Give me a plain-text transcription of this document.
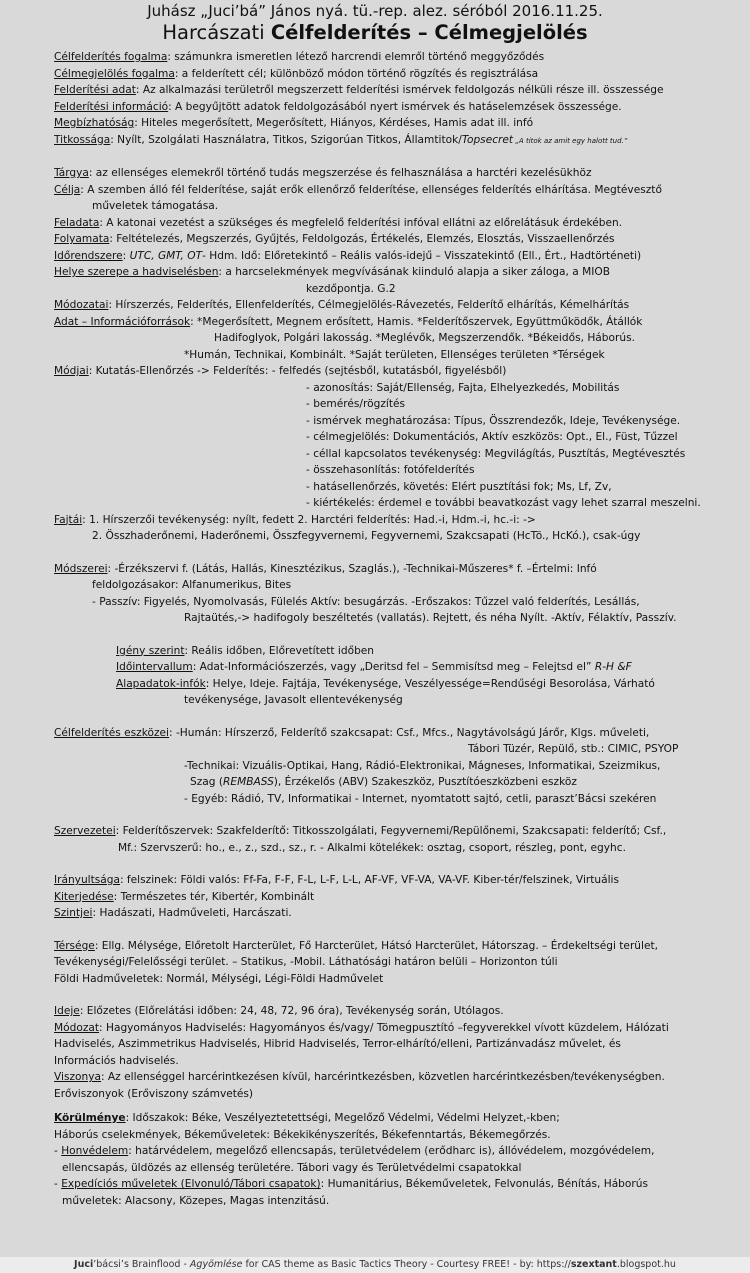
Juhász „Juci’bá” János nyá. tü.-rep. alez. séróból 2016.11.25.
Harcászati Célfelderítés – Célmegjelölés

Célfelderítés fogalma: számunkra ismeretlen létező harcrendi elemről történő meggyőződés

Célmegjelölés fogalma: a felderített cél; különböző módon történő rögzítés és regisztrálása

Felderítési adat: Az alkalmazási területről megszerzett felderítési ismérvek feldolgozás nélküli része ill. összessége

Felderítési információ: A begyűjtött adatok feldolgozásából nyert ismérvek és hatáselemzések összessége.

Megbízhatóság: Hiteles megerősített, Megerősített, Hiányos, Kérdéses, Hamis adat ill. infó

Titkossága: Nyílt, Szolgálati Használatra, Titkos, Szigorúan Titkos, Államtitok/Topsecret „A titok az amit egy halott tud.”

Tárgya: az ellenséges elemekről történő tudás megszerzése és felhasználása a harctéri kezelésükhöz

Célja: A szemben álló fél felderítése, saját erők ellenőrző felderítése, ellenséges felderítés elhárítása. Megtévesztő

műveletek támogatása.

Feladata: A katonai vezetést a szükséges és megfelelő felderítési infóval ellátni az előrelátásuk érdekében.

Folyamata: Feltételezés, Megszerzés, Gyűjtés, Feldolgozás, Értékelés, Elemzés, Elosztás, Visszaellenőrzés

Időrendszere: UTC, GMT, OT- Hdm. Idő: Előretekintő – Reális valós-idejű – Visszatekintő (Ell., Ért., Hadtörténeti)

Helye szerepe a hadviselésben: a harcselekmények megvívásának kiinduló alapja a siker záloga, a MIOB

kezdőpontja. G.2

Módozatai: Hírszerzés, Felderítés, Ellenfelderítés, Célmegjelölés-Rávezetés, Felderítő elhárítás, Kémelhárítás

Adat – Információforrások: *Megerősített, Megnem erősített, Hamis. *Felderítőszervek, Együttműködők, Átállók

Hadifoglyok, Polgári lakosság. *Meglévők, Megszerzendők. *Békeidős, Háborús.

*Humán, Technikai, Kombinált. *Saját területen, Ellenséges területen *Térségek

Módjai: Kutatás-Ellenőrzés -> Felderítés: - felfedés (sejtésből, kutatásból, figyelésből)

- azonosítás: Saját/Ellenség, Fajta, Elhelyezkedés, Mobilitás

- bemérés/rögzítés

- ismérvek meghatározása: Típus, Összrendezők, Ideje, Tevékenysége.

- célmegjelölés: Dokumentációs, Aktív eszközös: Opt., El., Füst, Tűzzel

- céllal kapcsolatos tevékenység: Megvilágítás, Pusztítás, Megtévesztés

- összehasonlítás: fotófelderítés

- hatásellenőrzés, követés: Elért pusztítási fok; Ms, Lf, Zv,

- kiértékelés: érdemel e további beavatkozást vagy lehet szarral meszelni.

Fajtái: 1. Hírszerzői tevékenység: nyílt, fedett 2. Harctéri felderítés: Had.-i, Hdm.-i, hc.-i: ->

2. Összhaderőnemi, Haderőnemi, Összfegyvernemi, Fegyvernemi, Szakcsapati (HcTö., HcKó.), csak-úgy

Módszerei: -Érzékszervi f. (Látás, Hallás, Kinesztézikus, Szaglás.), -Technikai-Műszeres* f. –Értelmi: Infó

feldolgozásakor: Alfanumerikus, Bites

- Passzív: Figyelés, Nyomolvasás, Fülelés Aktív: besugárzás. -Erőszakos: Tűzzel való felderítés, Lesállás,

Rajtaütés,-> hadifogoly beszéltetés (vallatás). Rejtett, és néha Nyílt. -Aktív, Félaktív, Passzív.

Igény szerint: Reális időben, Előrevetített időben

Időintervallum: Adat-Információszerzés, vagy „Deritsd fel – Semmisítsd meg – Felejtsd el” R-H &F

Alapadatok-infók: Helye, Ideje. Fajtája, Tevékenysége, Veszélyessége=Rendűségi Besorolása, Várható

tevékenysége, Javasolt ellentevékenység

Célfelderítés eszközei: -Humán: Hírszerző, Felderítő szakcsapat: Csf., Mfcs., Nagytávolságú Járőr, Klgs. műveleti,

Tábori Tüzér, Repülő, stb.: CIMIC, PSYOP

-Technikai: Vizuális-Optikai, Hang, Rádió-Elektronikai, Mágneses, Informatikai, Szeizmikus,

Szag (REMBASS), Érzékelős (ABV) Szakeszköz, Pusztítóeszközbeni eszköz

- Egyéb: Rádió, TV, Informatikai - Internet, nyomtatott sajtó, cetli, paraszt’Bácsi szekéren

Szervezetei: Felderítőszervek: Szakfelderítő: Titkosszolgálati, Fegyvernemi/Repülőnemi, Szakcsapati: felderítő; Csf.,

Mf.: Szervszerű: ho., e., z., szd., sz., r. - Alkalmi kötelékek: osztag, csoport, részleg, pont, egyhc.

Irányultsága: felszinek: Földi valós: Ff-Fa, F-F, F-L, L-F, L-L, AF-VF, VF-VA, VA-VF. Kiber-tér/felszinek, Virtuális

Kiterjedése: Természetes tér, Kibertér, Kombinált

Szintjei: Hadászati, Hadműveleti, Harcászati.

Térsége: Ellg. Mélysége, Előretolt Harcterület, Fő Harcterület, Hátsó Harcterület, Hátorszag. – Érdekeltségi terület,

Tevékenységi/Felelősségi terület. – Statikus, -Mobil. Láthatósági határon belüli – Horizonton túli

Földi Hadműveletek: Normál, Mélységi, Légi-Földi Hadművelet

Ideje: Előzetes (Előrelátási időben: 24, 48, 72, 96 óra), Tevékenység során, Utólagos.

Módozat: Hagyományos Hadviselés: Hagyományos és/vagy/ Tömegpusztító –fegyverekkel vívott küzdelem, Hálózati

Hadviselés, Aszimmetrikus Hadviselés, Hibrid Hadviselés, Terror-elhárító/elleni, Partizánvadász művelet, és

Információs hadviselés.

Viszonya: Az ellenséggel harcérintkezésen kívül, harcérintkezésben, közvetlen harcérintkezésben/tevékenységben.

Erőviszonyok (Erőviszony számvetés)

Körülménye: Időszakok: Béke, Veszélyeztetettségi, Megelőző Védelmi, Védelmi Helyzet,-kben;

Háborús cselekmények, Békeműveletek: Békekikényszerítés, Békefenntartás, Békemegőrzés.

- Honvédelem: határvédelem, megelőző ellencsapás, területvédelem (erődharc is), állóvédelem, mozgóvédelem,

ellencsapás, üldözés az ellenség területére. Tábori vagy és Területvédelmi csapatokkal

- Expedíciós műveletek (Elvonuló/Tábori csapatok): Humanitárius, Békeműveletek, Felvonulás, Bénítás, Háborús

műveletek: Alacsony, Közepes, Magas intenzitású.

Juci’bácsi’s Brainflood - Agyömlése for CAS theme as Basic Tactics Theory - Courtesy FREE! - by: https://szextant.blogspot.hu
